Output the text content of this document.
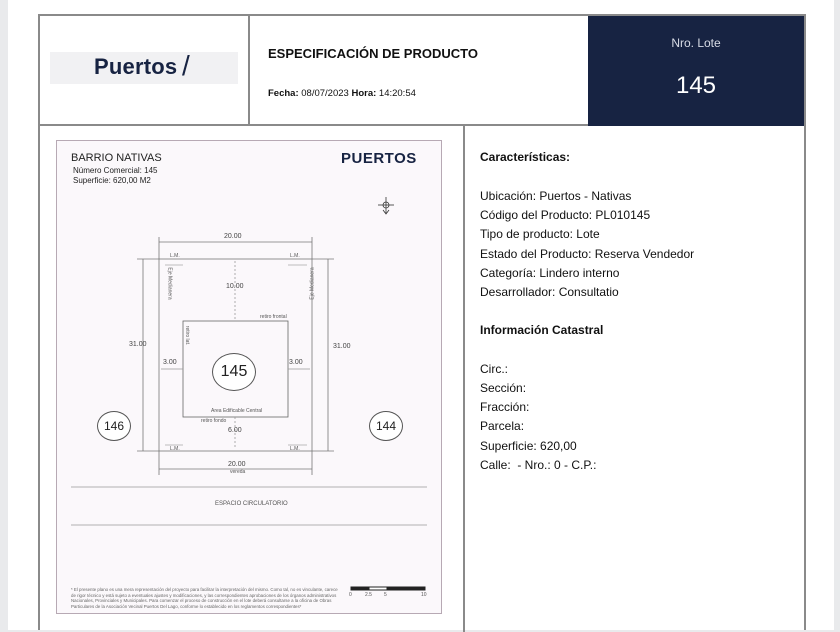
Puertos /	ESPECIFICACIÓN DE PRODUCTO
Fecha: 08/07/2023 Hora: 14:20:54
Nro. Lote
145
BARRIO NATIVAS
Número Comercial: 145
Superficie: 620,00 M2
PUERTOS
20.00
20.00
31.00	31.00
10.00
6.00
3.00	3.00
L.M.	L.M.
L.M.	L.M.
Eje Medianera	Eje Medianera
retiro frontal
retiro lat.
retiro fondo
Area Edificable Central
vereda
145
146	144
ESPACIO CIRCULATORIO
* El presente plano es una mera representación del proyecto para facilitar la interpretación del mismo. Como tal, no es vinculante, carece de rigor técnico y está sujeto a eventuales ajustes y modificaciones, y las correspondientes aprobaciones de los órganos administrativos Nacionales, Provinciales y Municipales. Para comenzar el proceso de construcción en el lote deberá consultarse a la oficina de Obras Particulares de la Asociación Vecinal Puertos Del Lago, conforme lo establecido en los reglamentos correspondientes*
0	2.5 5	10
Características:
Ubicación: Puertos - Nativas
Código del Producto: PL010145
Tipo de producto: Lote
Estado del Producto: Reserva Vendedor
Categoría: Lindero interno
Desarrollador: Consultatio
Información Catastral
Circ.:
Sección:
Fracción:
Parcela:
Superficie: 620,00
Calle:  - Nro.: 0 - C.P.:
